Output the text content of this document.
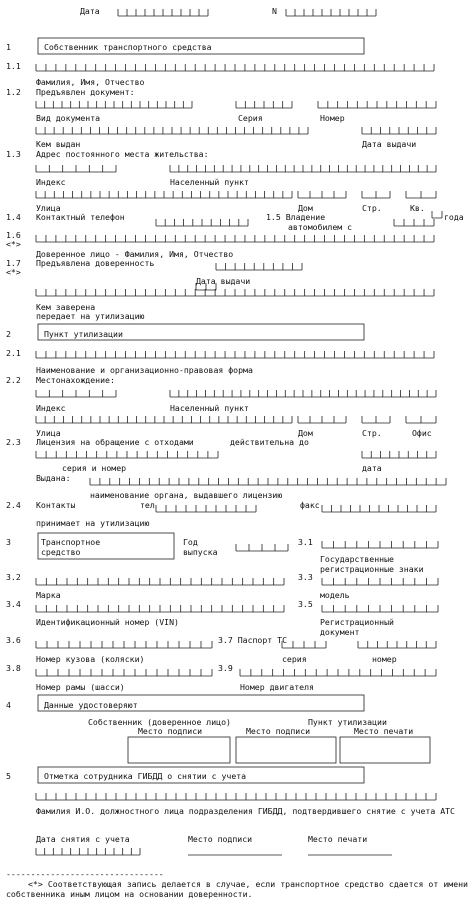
Дата	N
1	Собственник транспортного средства
1.1
Фамилия, Имя, Отчество
1.2 Предъявлен документ:
Вид документа	Серия	Номер
Кем выдан	Дата выдачи
1.3 Адрес постоянного места жительства:
Индекс	Населенный пункт
Улица	Дом	Стр.	Кв.
1.4 Контактный телефон	1.5 Владение	года
автомобилем с
1.6
<*>
Доверенное лицо - Фамилия, Имя, Отчество
1.7 Предъявлена доверенность
<*>
Дата выдачи
Кем заверена
передает на утилизацию
2	Пункт утилизации
2.1
Наименование и организационно-правовая форма
2.2 Местонахождение:
Индекс	Населенный пункт
Улица	Дом	Стр.	Офис
2.3 Лицензия на обращение с отходами	действительна до
серия и номер	дата
Выдана:
наименование органа, выдавшего лицензию
2.4 Контакты	тел	факс
принимает на утилизацию
3	Транспортное средство
Год выпуска
3.1
Государственные регистрационные знаки
3.2	3.3
Марка	модель
3.4	3.5
Идентификационный номер (VIN)	Регистрационный документ
3.6	3.7 Паспорт ТС
Номер кузова (коляски)	серия	номер
3.8	3.9
Номер рамы (шасси)	Номер двигателя
4	Данные удостоверяют
Собственник (доверенное лицо)	Пункт утилизации
Место подписи	Место подписи	Место печати
5	Отметка сотрудника ГИБДД о снятии с учета
Фамилия И.О. должностного лица подразделения ГИБДД, подтвердившего снятие с учета АТС
Дата снятия с учета	Место подписи	Место печати
--------------------------------
<*> Соответствующая запись делается в случае, если транспортное средство сдается от имени собственника иным лицом на основании доверенности.
